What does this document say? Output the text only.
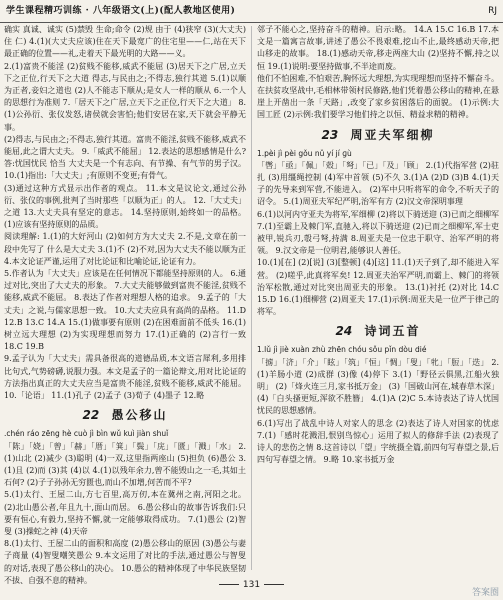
学生课程精巧训练 · 八年级语文(上)(配人教地区使用)	RJ

确实 真诚、诚实 (5)禁毁 生命;命令 (2)规 由于 (4)狭窄 (3)(大丈夫)住 仁) 4.(1)(大丈夫应该)住在天下最宽广的住宅里——仁,站在天下最正确的位置——礼,走着天下最光明的大路——义。

2.(1)富贵不能淫 (2)贫贱不能移,威武不能屈 (3)居天下之广居,立天下之正位,行天下之大道 得志,与民由之;不得志,独行其道 5.(1)以顺为正者,妾妇之道也 (2)人不能志下顺从;是女人一样的顺从 6.一个人的思想行为准则 7.「居天下之广居,立天下之正位,行天下之大道」 8.(1)公孙衍、张仪发怒,诸侯就会害怕;他们安居在家,天下就会平静无事。

(2)得志,与民由之;不得志,独行其道。富贵不能淫,贫贱不能移,威武不能屈,此之谓大丈夫。 9.「威武不能屈」 12.表达的思想感情是什么? 答:忧国忧民 恰当 大丈夫是一个有志向、有节操、有气节的男子汉。 10.(1)指出:「大丈夫」;有原则不变更;有骨气。

(3)通过这种方式显示出作者的观点。 11.本文是议论文,通过公孙衍、张仪的事例,批判了当时那些「以顺为正」的人。 12.「大丈夫」之道 13.大丈夫具有坚定的意志。 14.坚持原则,始终如一的品格。 (1)应该有坚持原则的品质。

阅读理解: 1.(1)的大好河山 (2)如何方为大丈夫 2.不是,文章在前一段中先写了 什么是大丈夫 3.(1)不 (2)不对,因为大丈夫不能以顺为正 4.本文论证严谨,运用了对比论证和比喻论证,论证有力。

5.作者认为「大丈夫」应该是在任何情况下都能坚持原则的人。 6.通过对比,突出了大丈夫的形象。 7.大丈夫能够做到富贵不能淫,贫贱不能移,威武不能屈。 8.表达了作者对理想人格的追求。 9.孟子的「大丈夫」之说,与儒家思想一致。 10.大丈夫应具有高尚的品格。 11.D 12.B 13.C 14.A 15.(1)做事要有原则 (2)在困难面前不低头 16.(1)树立远大理想 (2)为实现理想而努力 17.(1)正确的 (2)言行一致 18.C 19.B

9.孟子认为「大丈夫」需具备很高的道德品质,本文语言犀利,多用排比句式,气势磅礴,说服力强。本文是孟子的一篇论辩文,用对比论证的方法指出真正的大丈夫应当是富贵不能淫,贫贱不能移,威武不能屈。 10.「论语」 11.(1)孔子 (2)孟子 (3)荀子 (4)墨子 12.略

22 愚公移山

.chén ráo zēng hè cuò jì bìn wǔ kuì jiàn shuǐ

「陈」「娆」「曾」「赫」「厝」「箕」「鬓」「庑」「匮」「溅」「水」 2.(1)山北 (2)减少 (3)聪明 (4)一双,这里指两座山 (5)担负 (6)愚公 3.(1)且 (2)而 (3)其 (4)以 4.(1)以残年余力,曾不能毁山之一毛,其如土石何? (2)子子孙孙无穷匮也,而山不加增,何苦而不平?

5.(1)太行、王屋二山,方七百里,高万仞,本在冀州之南,河阳之北。 (2)北山愚公者,年且九十,面山而居。 6.愚公移山的故事告诉我们:只要有恒心,有毅力,坚持不懈,就一定能够取得成功。 7.(1)愚公 (2)智叟 (3)操蛇之神 (4)天帝

8.(1)太行、王屋二山的面积和高度 (2)愚公移山的原因 (3)愚公与妻子商量 (4)智叟嘲笑愚公 9.本文运用了对比的手法,通过愚公与智叟的对话,表现了愚公移山的决心。 10.愚公的精神体现了中华民族坚韧不拔、自强不息的精神。

邻子不能心之,坚持奋斗的精神。启示:略。 14.A 15.C 16.B 17.本文是一篇寓言故事,讲述了愚公不畏艰难,挖山不止,最终感动天帝,把山移走的故事。 18.(1)感动天帝,移走两座大山 (2)坚持不懈,持之以恒 19.(1)说明:要坚持做事,不半途而废。

他们不怕困难,不怕艰苦,胸怀远大理想,为实现理想而坚持不懈奋斗。在扶贫攻坚战中,毛相林带领村民修路,他们凭着愚公移山的精神,在悬崖上开凿出一条「天路」,改变了家乡贫困落后的面貌。 (1)示例:大国工匠 (2)示例:我们要学习他们持之以恒、精益求精的精神。

23 周亚夫军细柳

1.pèi jì pèi gǒu nǔ yí jí ɡù

「辔」「亟」「佩」「殻」「弩」「已」「及」「顾」 2.(1)代指军营 (2)驻扎 (3)用缰绳控制 (4)军中首领 (5)不久 3.(1)A (2)D (3)B 4.(1)天子的先导来到军营,不能进入。 (2)军中只听将军的命令,不听天子的诏令。 5.(1)周亚夫军纪严明,治军有方 (2)汉文帝深明事理

6.(1)以河内守亚夫为将军,军细柳 (2)将以下骑送迎 (3)已而之细柳军 7.(1)至霸上及棘门军,直驰入,将以下骑送迎 (2)已而之细柳军,军士吏被甲,锐兵刃,彀弓弩,持满 8.周亚夫是一位忠于职守、治军严明的将领。 9.汉文帝是一位明君,能够识人善任。

10.(1)[在] (2)[说] (3)[整顿] (4)[这] 11.(1)天子到了,却不能进入军营。 (2)嗟乎,此真将军矣! 12.周亚夫治军严明,而霸上、棘门的将领治军松散,通过对比突出周亚夫的形象。 13.(1)衬托 (2)对比 14.C 15.D 16.(1)细柳营 (2)周亚夫 17.(1)示例:周亚夫是一位严于律己的将军。

24 诗词五首

1.lǔ jì jiè xuàn zhù zhēn chóu sǒu pǐn dòu dié

「掳」「济」「介」「眩」「筑」「恒」「惆」「叟」「牝」「脰」「迭」 2.(1)羊肠小道 (2)成群 (3)像 (4)停下 3.(1)「野径云俱黑,江船火独明」 (2)「烽火连三月,家书抵万金」 (3)「国破山河在,城春草木深」 (4)「白头搔更短,浑欲不胜簪」 4.(1)A (2)C 5.本诗表达了诗人忧国忧民的思想感情。

6.(1)写出了战乱中诗人对家人的思念 (2)表达了诗人对国家的忧虑 7.(1)「感时花溅泪,恨别鸟惊心」运用了拟人的修辞手法 (2)表现了诗人的悲伤之情 8.这首诗以「望」字统摄全篇,前四句写春望之景,后四句写春望之情。 9.略 10.家书抵万金

131
答案圈
